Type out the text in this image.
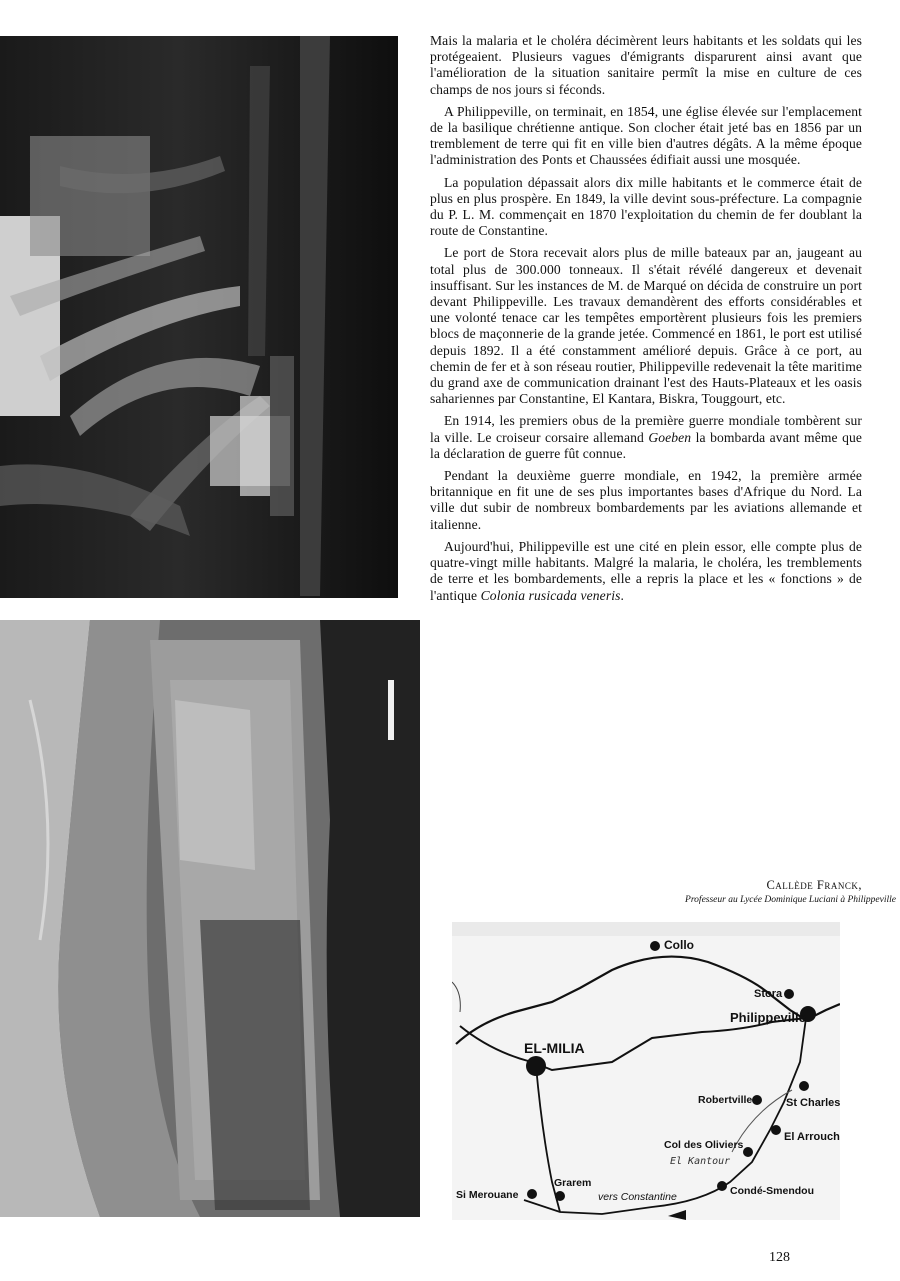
Mais la malaria et le choléra décimèrent leurs habitants et les soldats qui les protégeaient. Plusieurs vagues d'émigrants disparurent ainsi avant que l'amélioration de la situation sanitaire permît la mise en culture de ces champs de nos jours si féconds.

A Philippeville, on terminait, en 1854, une église élevée sur l'emplacement de la basilique chrétienne antique. Son clocher était jeté bas en 1856 par un tremblement de terre qui fit en ville bien d'autres dégâts. A la même époque l'administration des Ponts et Chaussées édifiait aussi une mosquée.

La population dépassait alors dix mille habitants et le commerce était de plus en plus prospère. En 1849, la ville devint sous-préfecture. La compagnie du P. L. M. commençait en 1870 l'exploitation du chemin de fer doublant la route de Constantine.

Le port de Stora recevait alors plus de mille bateaux par an, jaugeant au total plus de 300.000 tonneaux. Il s'était révélé dangereux et devenait insuffisant. Sur les instances de M. de Marqué on décida de construire un port devant Philippeville. Les travaux demandèrent des efforts considérables et une volonté tenace car les tempêtes emportèrent plusieurs fois les premiers blocs de maçonnerie de la grande jetée. Commencé en 1861, le port est utilisé depuis 1892. Il a été constamment amélioré depuis. Grâce à ce port, au chemin de fer et à son réseau routier, Philippeville redevenait la tête maritime du grand axe de communication drainant l'est des Hauts-Plateaux et les oasis sahariennes par Constantine, El Kantara, Biskra, Touggourt, etc.

En 1914, les premiers obus de la première guerre mondiale tombèrent sur la ville. Le croiseur corsaire allemand Goeben la bombarda avant même que la déclaration de guerre fût connue.

Pendant la deuxième guerre mondiale, en 1942, la première armée britannique en fit une de ses plus importantes bases d'Afrique du Nord. La ville dut subir de nombreux bombardements par les aviations allemande et italienne.

Aujourd'hui, Philippeville est une cité en plein essor, elle compte plus de quatre-vingt mille habitants. Malgré la malaria, le choléra, les tremblements de terre et les bombardements, elle a repris la place et les « fonctions » de l'antique Colonia rusicada veneris.

Callède Franck,
Professeur au Lycée Dominique Luciani à Philippeville
Collo
Stora
Philippeville
EL-MILIA
Robertville	St Charles
El Arrouch
Col des Oliviers
El Kantour
Grarem
Si Merouane	vers Constantine	Condé-Smendou
128
